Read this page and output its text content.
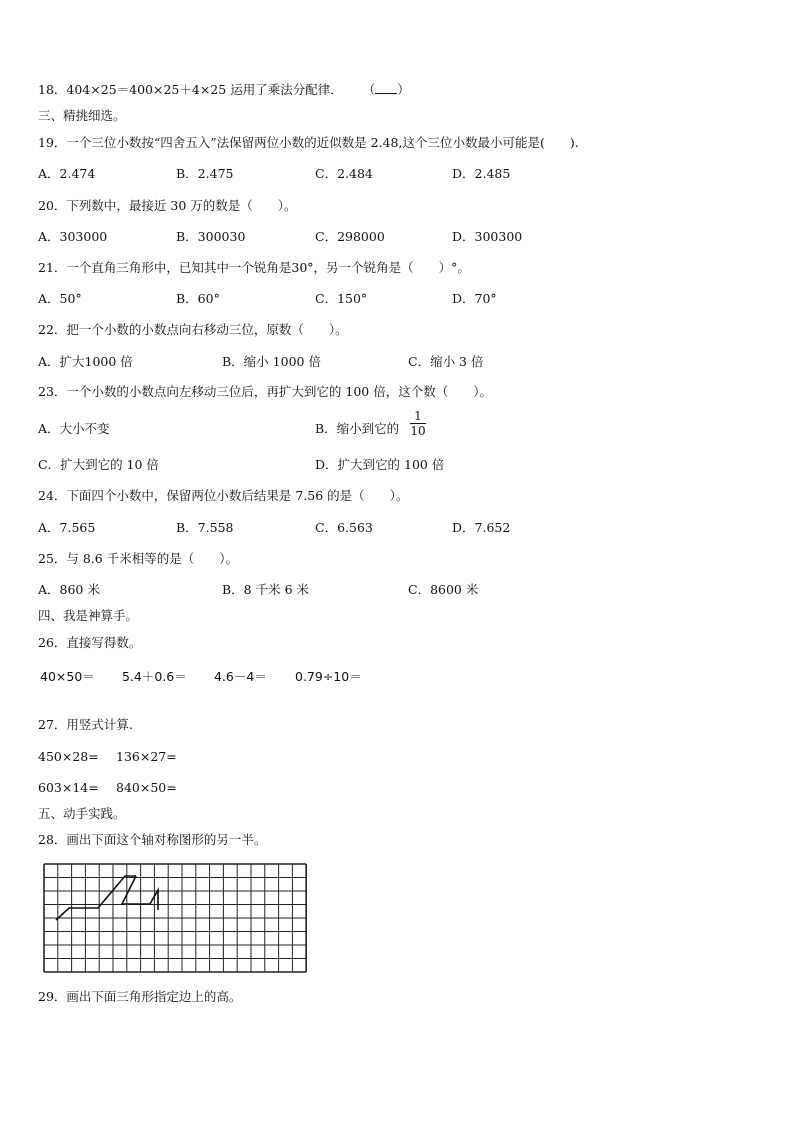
18．404×25＝400×25＋4×25 运用了乘法分配律． （ ）
三、精挑细选。
19．一个三位小数按“四舍五入”法保留两位小数的近似数是 2.48,这个三位小数最小可能是(　　).
A．2.474	B．2.475	C．2.484	D．2.485
20．下列数中，最接近 30 万的数是（　　）。
A．303000	B．300030	C．298000	D．300300
21．一个直角三角形中，已知其中一个锐角是30°，另一个锐角是（　　）°。
A．50°	B．60°	C．150°	D．70°
22．把一个小数的小数点向右移动三位，原数（　　）。
A．扩大1000 倍	B．缩小 1000 倍	C．缩小 3 倍
23．一个小数的小数点向左移动三位后，再扩大到它的 100 倍，这个数（　　）。
A．大小不变	B．缩小到它的 $\frac{1}{10}$
C．扩大到它的 10 倍	D．扩大到它的 100 倍
24．下面四个小数中，保留两位小数后结果是 7.56 的是（　　）。
A．7.565	B．7.558	C．6.563	D．7.652
25．与 8.6 千米相等的是（　　）。
A．860 米	B．8 千米 6 米	C．8600 米
四、我是神算手。
26．直接写得数。
40×50＝ 5.4＋0.6＝ 4.6－4＝ 0.79÷10＝
27．用竖式计算.
450×28= 136×27=
603×14= 840×50=
五、动手实践。
28．画出下面这个轴对称图形的另一半。
29．画出下面三角形指定边上的高。
